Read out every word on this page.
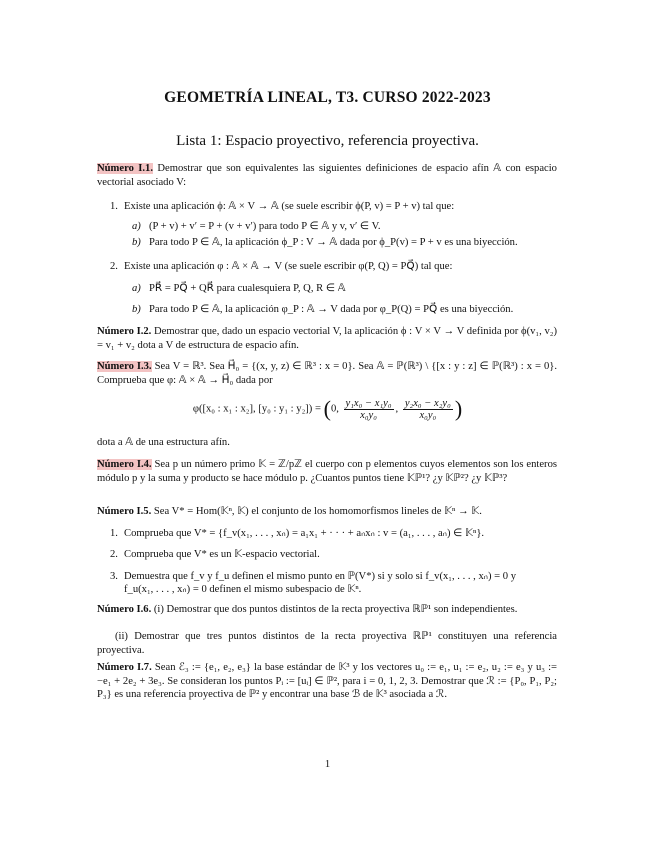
GEOMETRÍA LINEAL, T3. CURSO 2022-2023
Lista 1: Espacio proyectivo, referencia proyectiva.
Número I.1. Demostrar que son equivalentes las siguientes definiciones de espacio afín 𝔸 con espacio vectorial asociado V:
1. Existe una aplicación ϕ: 𝔸 × V → 𝔸 (se suele escribir ϕ(P, v) = P + v) tal que:
a) (P + v) + v′ = P + (v + v′) para todo P ∈ 𝔸 y v, v′ ∈ V.
b) Para todo P ∈ 𝔸, la aplicación ϕ_P : V → 𝔸 dada por ϕ_P(v) = P + v es una biyección.
2. Existe una aplicación φ : 𝔸 × 𝔸 → V (se suele escribir φ(P, Q) = PQ⃗) tal que:
a) PR⃗ = PQ⃗ + QR⃗ para cualesquiera P, Q, R ∈ 𝔸
b) Para todo P ∈ 𝔸, la aplicación φ_P : 𝔸 → V dada por φ_P(Q) = PQ⃗ es una biyección.
Número I.2. Demostrar que, dado un espacio vectorial V, la aplicación ϕ : V × V → V definida por ϕ(v₁, v₂) = v₁ + v₂ dota a V de estructura de espacio afín.
Número I.3. Sea V = ℝ³. Sea H⃗₀ = {(x, y, z) ∈ ℝ³ : x = 0}. Sea 𝔸 = ℙ(ℝ³) \ {[x : y : z] ∈ ℙ(ℝ³) : x = 0}. Comprueba que φ: 𝔸 × 𝔸 → H⃗₀ dada por
φ([x₀ : x₁ : x₂], [y₀ : y₁ : y₂]) = (0, $\frac{\text{y₁x₀ − x₁y₀}}{\text{x₀y₀}}$ , $\frac{\text{y₂x₀ − x₂y₀}}{\text{x₀y₀}}$ )
dota a 𝔸 de una estructura afín.
Número I.4. Sea p un número primo 𝕂 = ℤ/pℤ el cuerpo con p elementos cuyos elementos son los enteros módulo p y la suma y producto se hace módulo p. ¿Cuantos puntos tiene 𝕂ℙ¹? ¿y 𝕂ℙ²? ¿y 𝕂ℙ³?
Número I.5. Sea V* = Hom(𝕂ⁿ, 𝕂) el conjunto de los homomorfismos lineles de 𝕂ⁿ → 𝕂.
1. Comprueba que V* = {f_v(x₁, . . . , xₙ) = a₁x₁ + · · · + aₙxₙ : v = (a₁, . . . , aₙ) ∈ 𝕂ⁿ}.
2. Comprueba que V* es un 𝕂-espacio vectorial.
3. Demuestra que f_v y f_u definen el mismo punto en ℙ(V*) si y solo si f_v(x₁, . . . , xₙ) = 0 y
f_u(x₁, . . . , xₙ) = 0 definen el mismo subespacio de 𝕂ⁿ.
Número I.6. (i) Demostrar que dos puntos distintos de la recta proyectiva ℝℙ¹ son independientes.
(ii) Demostrar que tres puntos distintos de la recta proyectiva ℝℙ¹ constituyen una referencia proyectiva.
Número I.7. Sean ℰ₃ := {e₁, e₂, e₃} la base estándar de 𝕂³ y los vectores u₀ := e₁, u₁ := e₂, u₂ := e₃ y u₃ := −e₁ + 2e₂ + 3e₃. Se consideran los puntos Pᵢ := [uᵢ] ∈ ℙ², para i = 0, 1, 2, 3. Demostrar que ℛ := {P₀, P₁, P₂; P₃} es una referencia proyectiva de ℙ² y encontrar una base ℬ de 𝕂³ asociada a ℛ.
1
